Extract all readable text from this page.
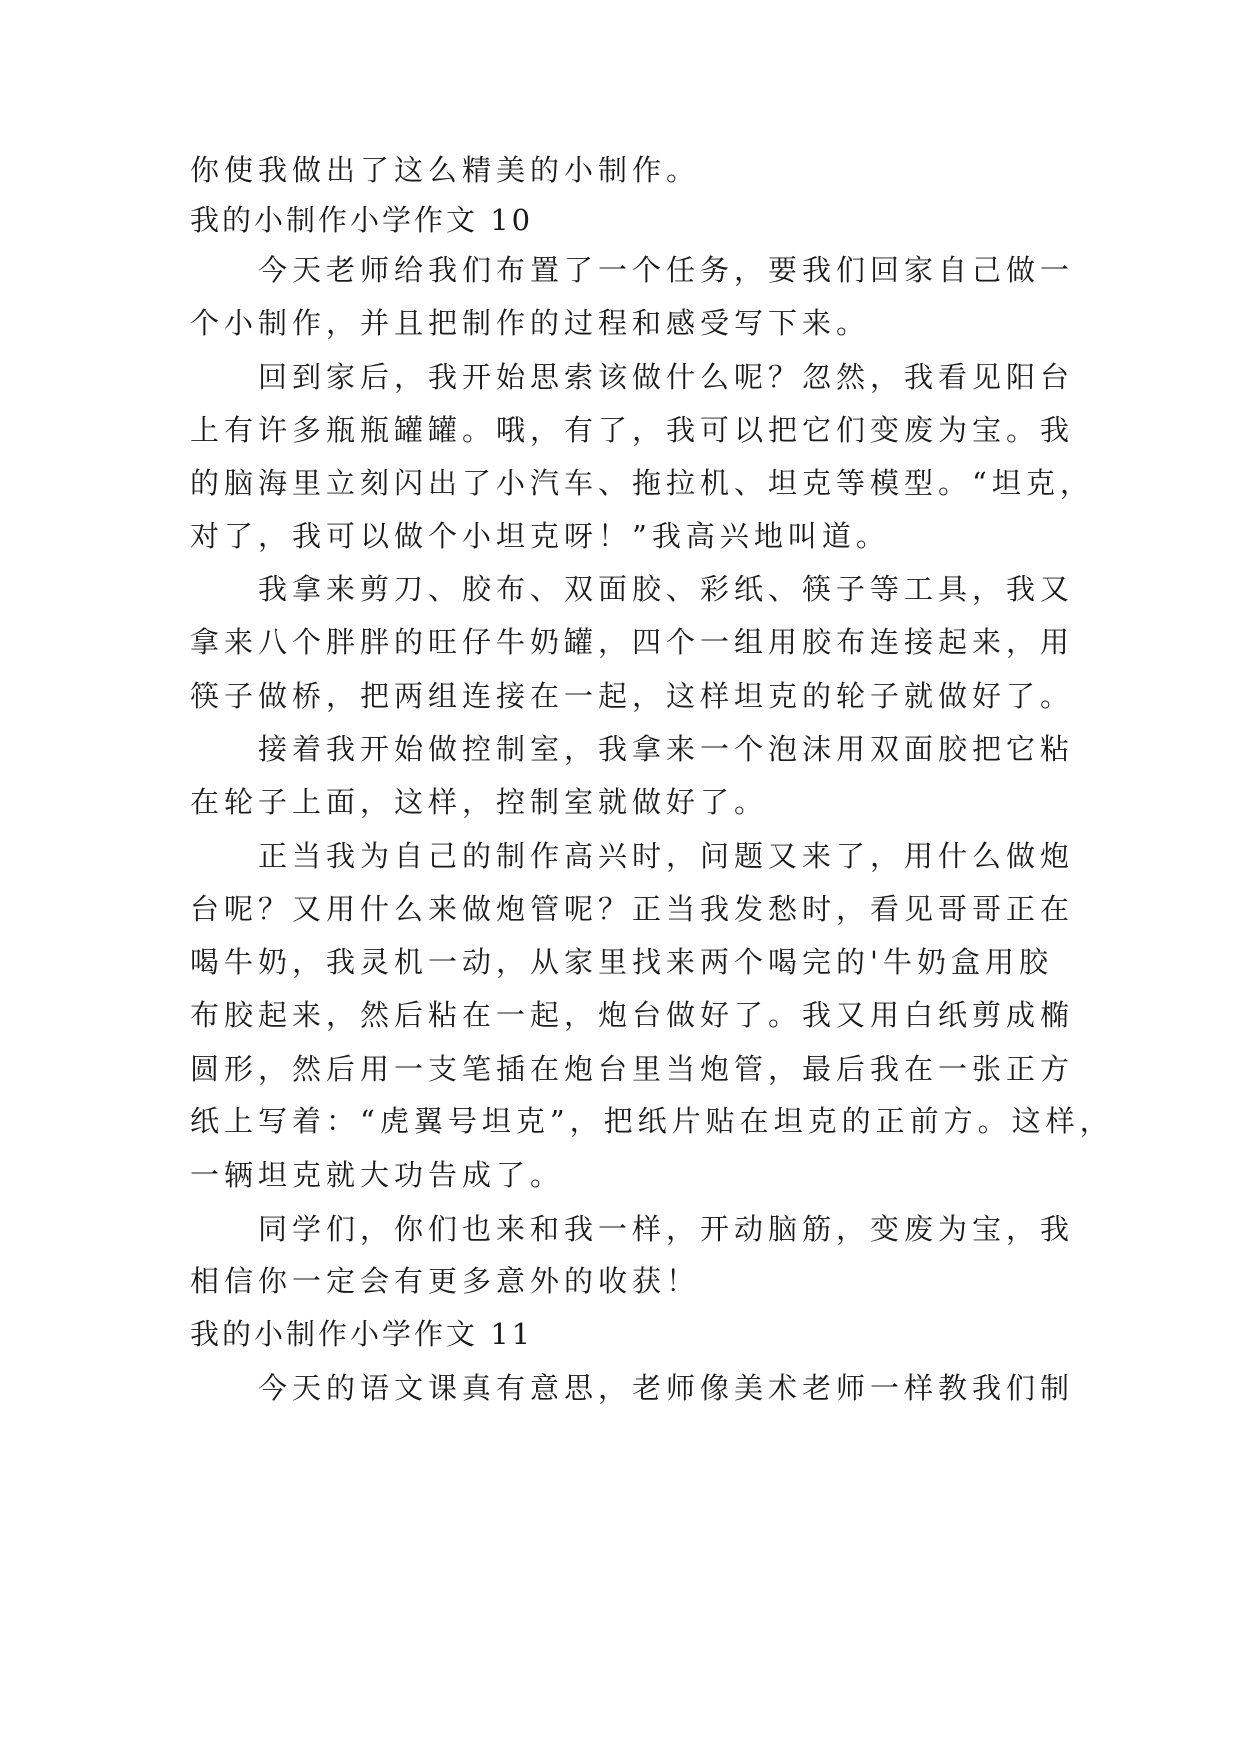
你使我做出了这么精美的小制作。

我的小制作小学作文 10

今天老师给我们布置了一个任务，要我们回家自己做一

个小制作，并且把制作的过程和感受写下来。

回到家后，我开始思索该做什么呢？忽然，我看见阳台

上有许多瓶瓶罐罐。哦，有了，我可以把它们变废为宝。我

的脑海里立刻闪出了小汽车、拖拉机、坦克等模型。“坦克，

对了，我可以做个小坦克呀！”我高兴地叫道。

我拿来剪刀、胶布、双面胶、彩纸、筷子等工具，我又

拿来八个胖胖的旺仔牛奶罐，四个一组用胶布连接起来，用

筷子做桥，把两组连接在一起，这样坦克的轮子就做好了。

接着我开始做控制室，我拿来一个泡沫用双面胶把它粘

在轮子上面，这样，控制室就做好了。

正当我为自己的制作高兴时，问题又来了，用什么做炮

台呢？又用什么来做炮管呢？正当我发愁时，看见哥哥正在

喝牛奶，我灵机一动，从家里找来两个喝完的'牛奶盒用胶

布胶起来，然后粘在一起，炮台做好了。我又用白纸剪成椭

圆形，然后用一支笔插在炮台里当炮管，最后我在一张正方

纸上写着：“虎翼号坦克”，把纸片贴在坦克的正前方。这样，

一辆坦克就大功告成了。

同学们，你们也来和我一样，开动脑筋，变废为宝，我

相信你一定会有更多意外的收获！

我的小制作小学作文 11

今天的语文课真有意思，老师像美术老师一样教我们制
